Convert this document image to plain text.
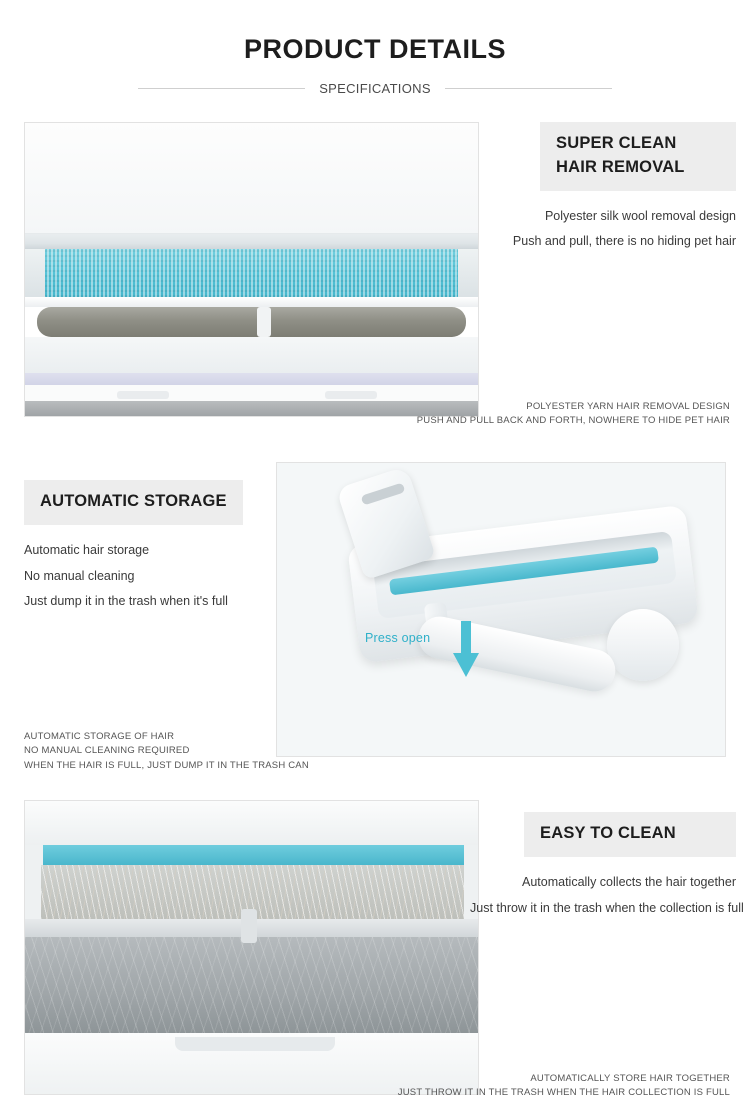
PRODUCT DETAILS
SPECIFICATIONS
SUPER CLEAN HAIR REMOVAL
Polyester silk wool removal design
Push and pull, there is no hiding pet hair
POLYESTER YARN HAIR REMOVAL DESIGN
PUSH AND PULL BACK AND FORTH, NOWHERE TO HIDE PET HAIR
Press open
AUTOMATIC STORAGE
Automatic hair storage
No manual cleaning
Just dump it in the trash when it's full
AUTOMATIC STORAGE OF HAIR
NO MANUAL CLEANING REQUIRED
WHEN THE HAIR IS FULL, JUST DUMP IT IN THE TRASH CAN
EASY TO CLEAN
Automatically collects the hair together
Just throw it in the trash when the collection is full
AUTOMATICALLY STORE HAIR TOGETHER
JUST THROW IT IN THE TRASH WHEN THE HAIR COLLECTION IS FULL
